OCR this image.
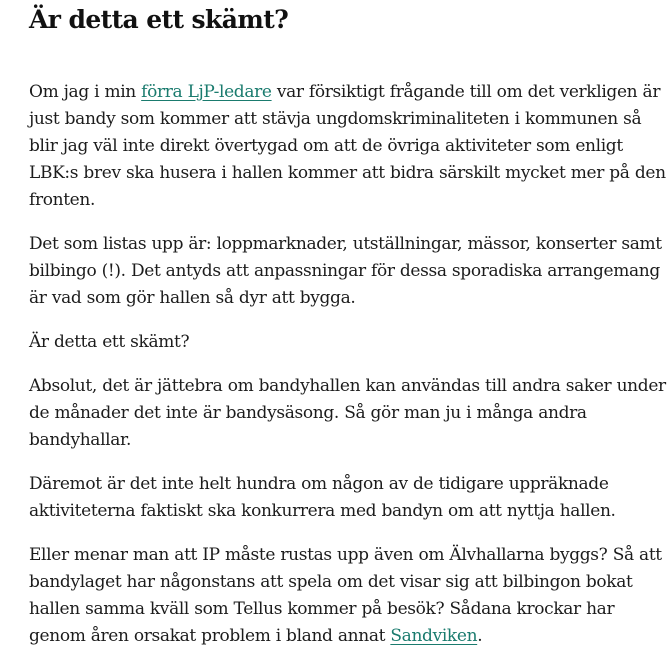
Är detta ett skämt?

Om jag i min förra LjP-ledare var försiktigt frågande till om det verkligen är just bandy som kommer att stävja ungdomskriminaliteten i kommunen så blir jag väl inte direkt övertygad om att de övriga aktiviteter som enligt LBK:s brev ska husera i hallen kommer att bidra särskilt mycket mer på den fronten.

Det som listas upp är: loppmarknader, utställningar, mässor, konserter samt bilbingo (!). Det antyds att anpassningar för dessa sporadiska arrangemang är vad som gör hallen så dyr att bygga.

Är detta ett skämt?

Absolut, det är jättebra om bandyhallen kan användas till andra saker under de månader det inte är bandysäsong. Så gör man ju i många andra bandyhallar.

Däremot är det inte helt hundra om någon av de tidigare uppräknade aktiviteterna faktiskt ska konkurrera med bandyn om att nyttja hallen.

Eller menar man att IP måste rustas upp även om Älvhallarna byggs? Så att bandylaget har någonstans att spela om det visar sig att bilbingon bokat hallen samma kväll som Tellus kommer på besök? Sådana krockar har genom åren orsakat problem i bland annat Sandviken.
